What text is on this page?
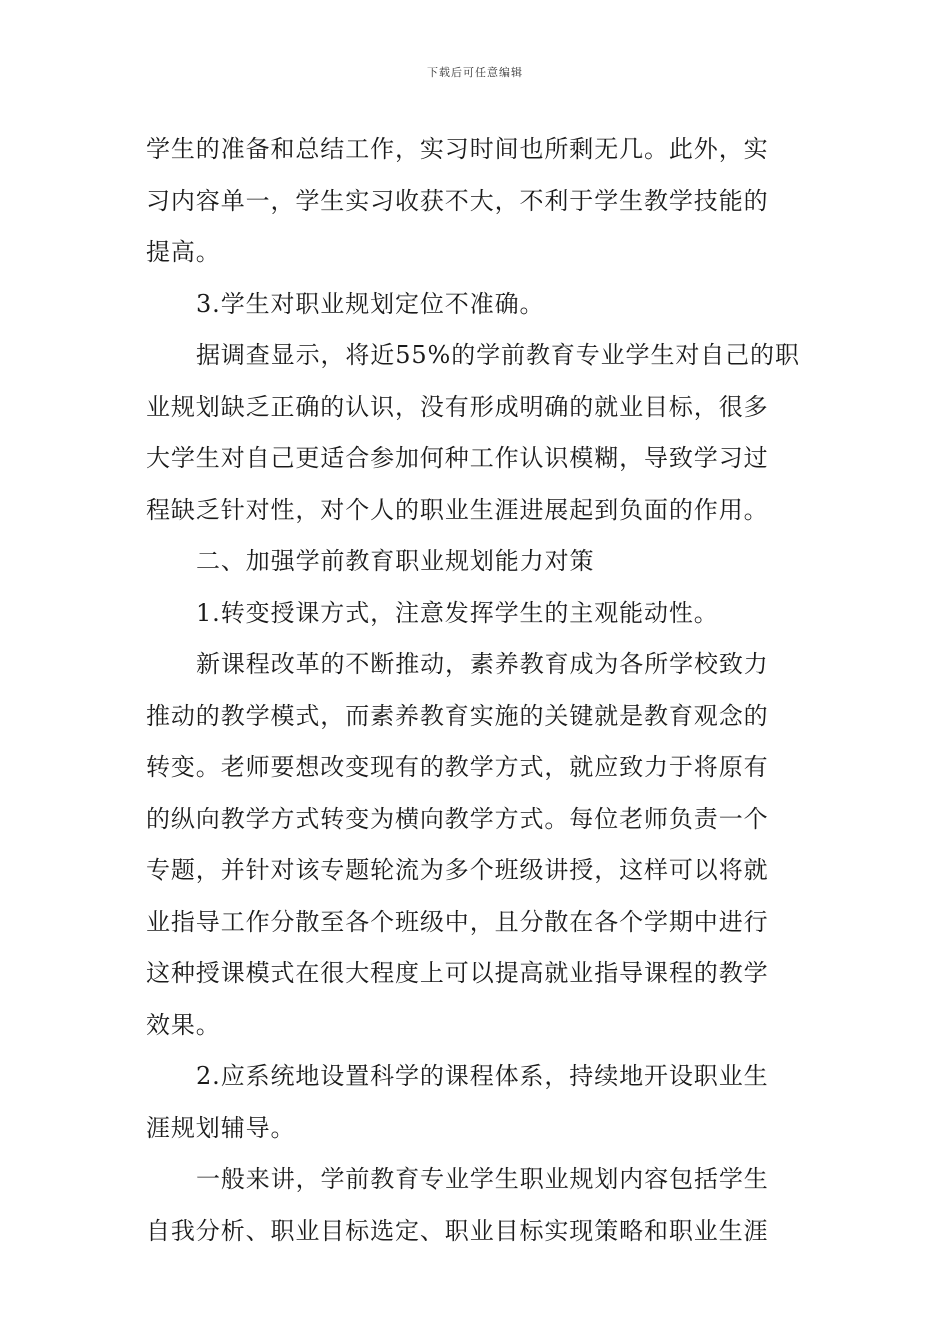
下载后可任意编辑
学生的准备和总结工作，实习时间也所剩无几。此外，实
习内容单一，学生实习收获不大，不利于学生教学技能的
提高。
3.学生对职业规划定位不准确。
据调查显示，将近55%的学前教育专业学生对自己的职
业规划缺乏正确的认识，没有形成明确的就业目标，很多
大学生对自己更适合参加何种工作认识模糊，导致学习过
程缺乏针对性，对个人的职业生涯进展起到负面的作用。
二、加强学前教育职业规划能力对策
1.转变授课方式，注意发挥学生的主观能动性。
新课程改革的不断推动，素养教育成为各所学校致力
推动的教学模式，而素养教育实施的关键就是教育观念的
转变。老师要想改变现有的教学方式，就应致力于将原有
的纵向教学方式转变为横向教学方式。每位老师负责一个
专题，并针对该专题轮流为多个班级讲授，这样可以将就
业指导工作分散至各个班级中，且分散在各个学期中进行
这种授课模式在很大程度上可以提高就业指导课程的教学
效果。
2.应系统地设置科学的课程体系，持续地开设职业生
涯规划辅导。
一般来讲，学前教育专业学生职业规划内容包括学生
自我分析、职业目标选定、职业目标实现策略和职业生涯
